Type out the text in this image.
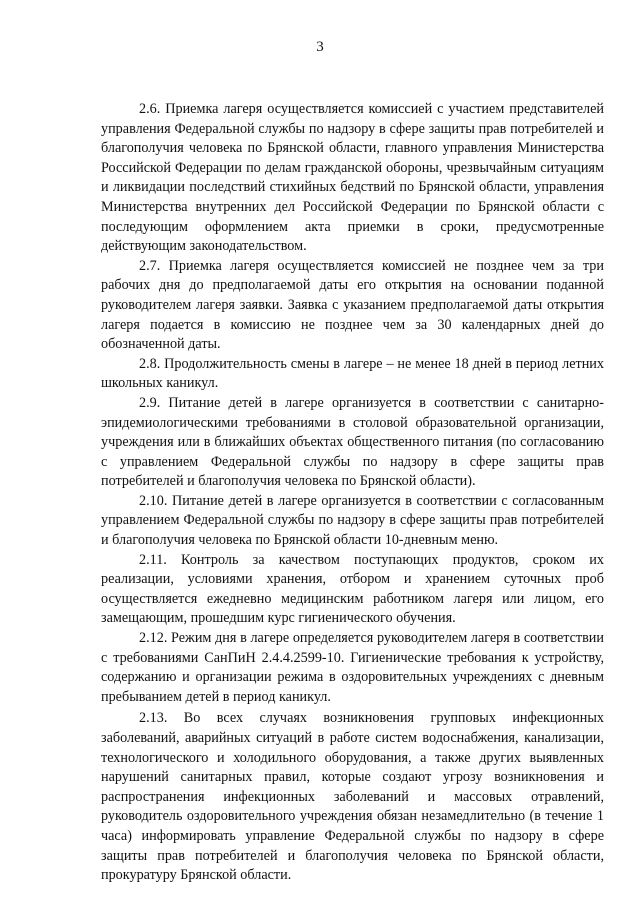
3

2.6. Приемка лагеря осуществляется комиссией с участием представителей управления Федеральной службы по надзору в сфере защиты прав потребителей и благополучия человека по Брянской области, главного управления Министерства Российской Федерации по делам гражданской обороны, чрезвычайным ситуациям и ликвидации последствий стихийных бедствий по Брянской области, управления Министерства внутренних дел Российской Федерации по Брянской области с последующим оформлением акта приемки в сроки, предусмотренные действующим законодательством.

2.7. Приемка лагеря осуществляется комиссией не позднее чем за три рабочих дня до предполагаемой даты его открытия на основании поданной руководителем лагеря заявки. Заявка с указанием предполагаемой даты открытия лагеря подается в комиссию не позднее чем за 30 календарных дней до обозначенной даты.

2.8. Продолжительность смены в лагере – не менее 18 дней в период летних школьных каникул.

2.9. Питание детей в лагере организуется в соответствии с санитарно-эпидемиологическими требованиями в столовой образовательной организации, учреждения или в ближайших объектах общественного питания (по согласованию с управлением Федеральной службы по надзору в сфере защиты прав потребителей и благополучия человека по Брянской области).

2.10. Питание детей в лагере организуется в соответствии с согласованным управлением Федеральной службы по надзору в сфере защиты прав потребителей и благополучия человека по Брянской области 10-дневным меню.

2.11. Контроль за качеством поступающих продуктов, сроком их реализации, условиями хранения, отбором и хранением суточных проб осуществляется ежедневно медицинским работником лагеря или лицом, его замещающим, прошедшим курс гигиенического обучения.

2.12. Режим дня в лагере определяется руководителем лагеря в соответствии с требованиями СанПиН 2.4.4.2599-10. Гигиенические требования к устройству, содержанию и организации режима в оздоровительных учреждениях с дневным пребыванием детей в период каникул.

2.13. Во всех случаях возникновения групповых инфекционных заболеваний, аварийных ситуаций в работе систем водоснабжения, канализации, технологического и холодильного оборудования, а также других выявленных нарушений санитарных правил, которые создают угрозу возникновения и распространения инфекционных заболеваний и массовых отравлений, руководитель оздоровительного учреждения обязан незамедлительно (в течение 1 часа) информировать управление Федеральной службы по надзору в сфере защиты прав потребителей и благополучия человека по Брянской области, прокуратуру Брянской области.
